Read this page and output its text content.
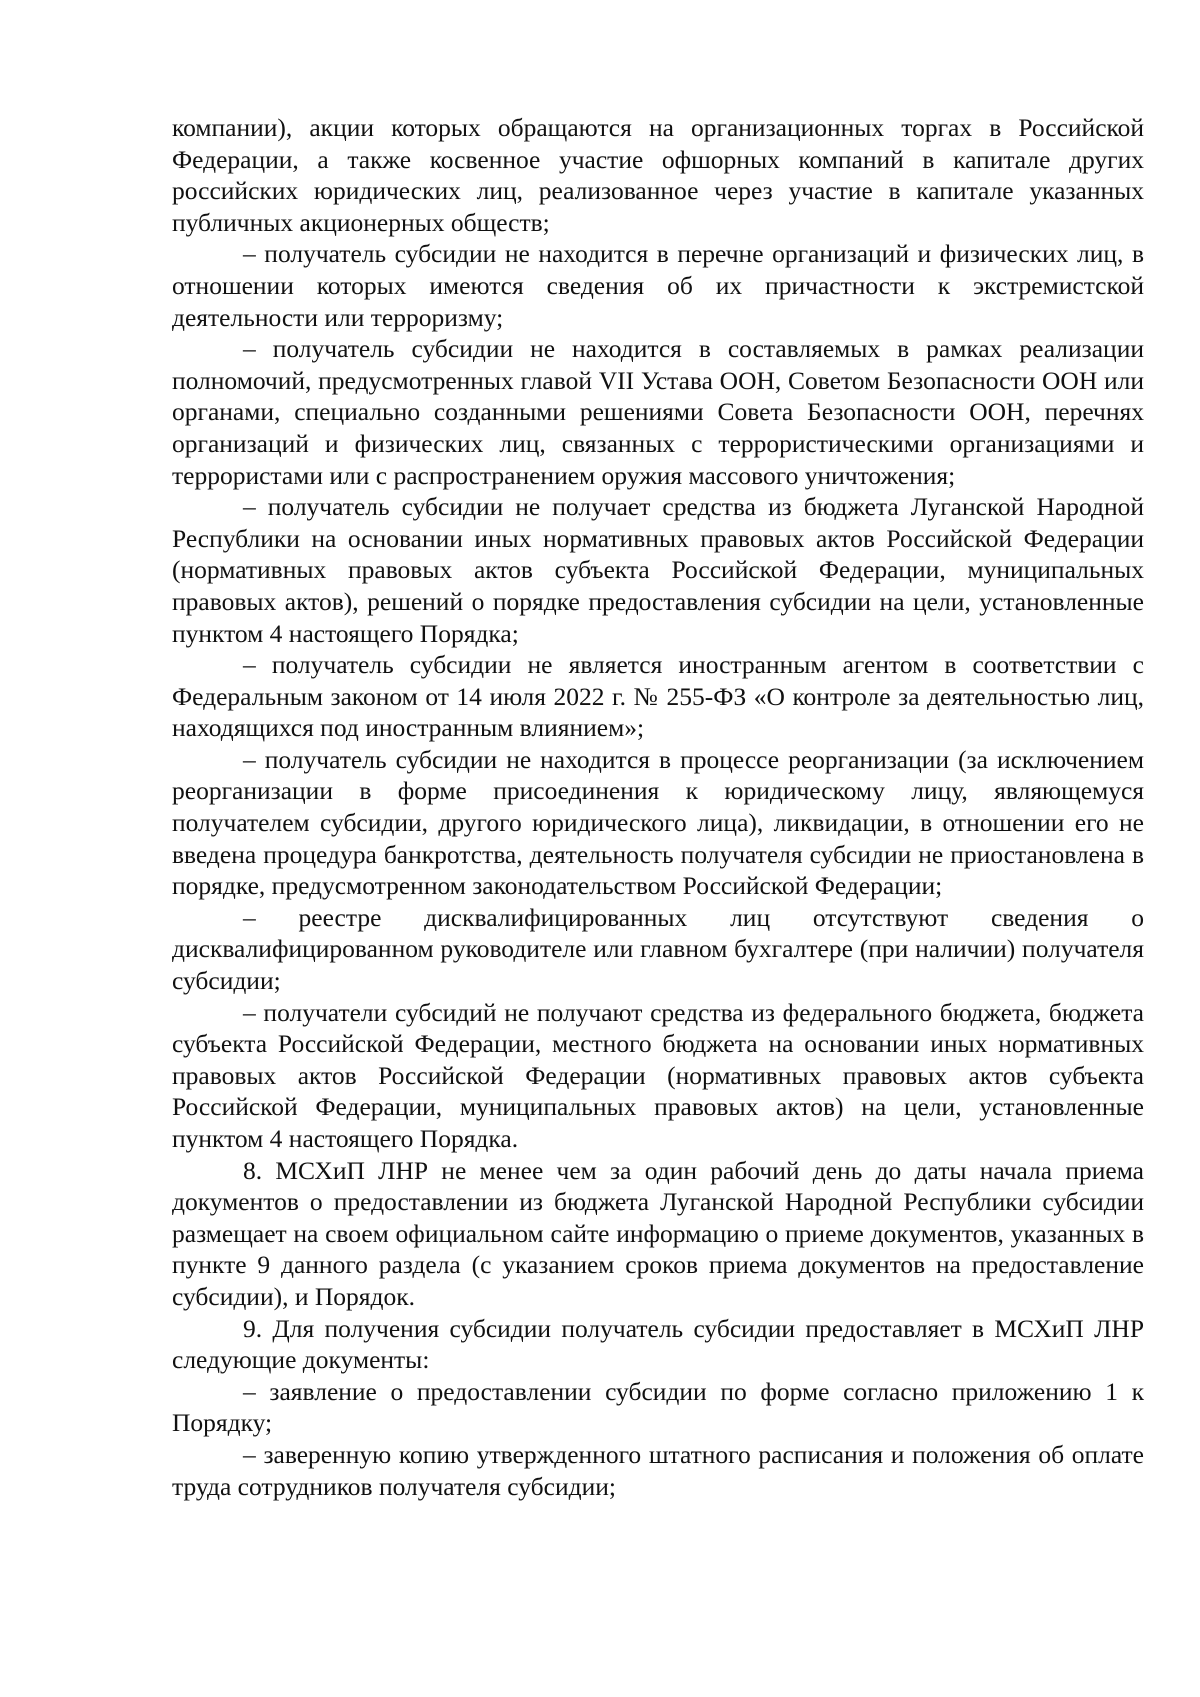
компании), акции которых обращаются на организационных торгах в Российской Федерации, а также косвенное участие офшорных компаний в капитале других российских юридических лиц, реализованное через участие в капитале указанных публичных акционерных обществ;

– получатель субсидии не находится в перечне организаций и физических лиц, в отношении которых имеются сведения об их причастности к экстремистской деятельности или терроризму;

– получатель субсидии не находится в составляемых в рамках реализации полномочий, предусмотренных главой VII Устава ООН, Советом Безопасности ООН или органами, специально созданными решениями Совета Безопасности ООН, перечнях организаций и физических лиц, связанных с террористическими организациями и террористами или с распространением оружия массового уничтожения;

– получатель субсидии не получает средства из бюджета Луганской Народной Республики на основании иных нормативных правовых актов Российской Федерации (нормативных правовых актов субъекта Российской Федерации, муниципальных правовых актов), решений о порядке предоставления субсидии на цели, установленные пунктом 4 настоящего Порядка;

– получатель субсидии не является иностранным агентом в соответствии с Федеральным законом от 14 июля 2022 г. № 255-ФЗ «О контроле за деятельностью лиц, находящихся под иностранным влиянием»;

– получатель субсидии не находится в процессе реорганизации (за исключением реорганизации в форме присоединения к юридическому лицу, являющемуся получателем субсидии, другого юридического лица), ликвидации, в отношении его не введена процедура банкротства, деятельность получателя субсидии не приостановлена в порядке, предусмотренном законодательством Российской Федерации;

– реестре дисквалифицированных лиц отсутствуют сведения о дисквалифицированном руководителе или главном бухгалтере (при наличии) получателя субсидии;

– получатели субсидий не получают средства из федерального бюджета, бюджета субъекта Российской Федерации, местного бюджета на основании иных нормативных правовых актов Российской Федерации (нормативных правовых актов субъекта Российской Федерации, муниципальных правовых актов) на цели, установленные пунктом 4 настоящего Порядка.

8. МСХиП ЛНР не менее чем за один рабочий день до даты начала приема документов о предоставлении из бюджета Луганской Народной Республики субсидии размещает на своем официальном сайте информацию о приеме документов, указанных в пункте 9 данного раздела (с указанием сроков приема документов на предоставление субсидии), и Порядок.

9. Для получения субсидии получатель субсидии предоставляет в МСХиП ЛНР следующие документы:

– заявление о предоставлении субсидии по форме согласно приложению 1 к Порядку;

– заверенную копию утвержденного штатного расписания и положения об оплате труда сотрудников получателя субсидии;
